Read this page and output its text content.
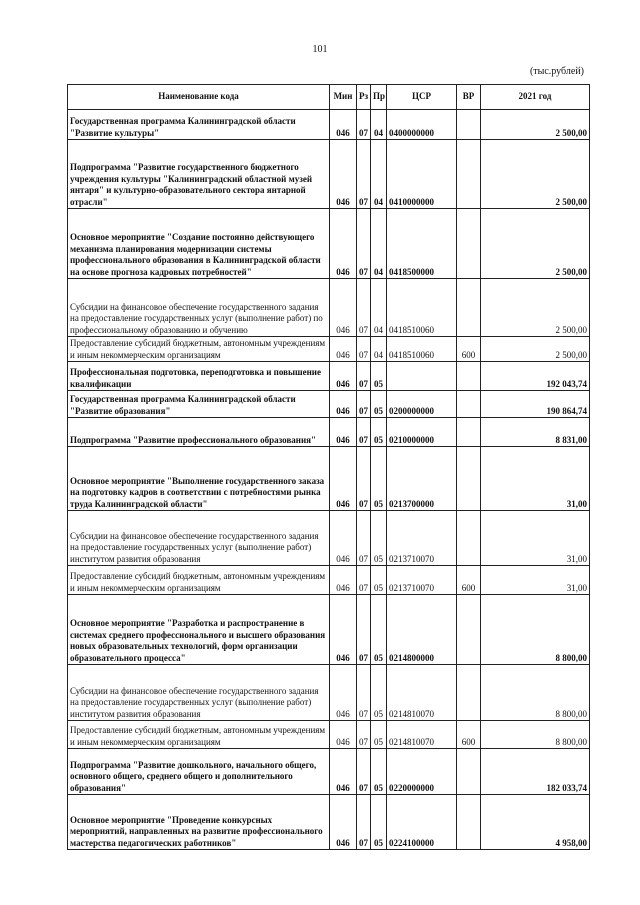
101
(тыс.рублей)
Наименование кода	Мин	Рз	Пр	ЦСР	ВР	2021 год
Государственная программа Калининградской области "Развитие культуры"	046	07	04	0400000000		2 500,00
Подпрограмма "Развитие государственного бюджетного учреждения культуры "Калининградский областной музей янтаря" и культурно-образовательного сектора янтарной отрасли"	046	07	04	0410000000		2 500,00
Основное мероприятие "Создание постоянно действующего механизма планирования модернизации системы профессионального образования в Калининградской области на основе прогноза кадровых потребностей"	046	07	04	0418500000		2 500,00
Субсидии на финансовое обеспечение государственного задания на предоставление государственных услуг (выполнение работ) по профессиональному образованию и обучению	046	07	04	0418510060		2 500,00
Предоставление субсидий бюджетным, автономным учреждениям и иным некоммерческим организациям	046	07	04	0418510060	600	2 500,00
Профессиональная подготовка, переподготовка и повышение квалификации	046	07	05			192 043,74
Государственная программа Калининградской области "Развитие образования"	046	07	05	0200000000		190 864,74
Подпрограмма "Развитие профессионального образования"	046	07	05	0210000000		8 831,00
Основное мероприятие "Выполнение государственного заказа на подготовку кадров в соответствии с потребностями рынка труда Калининградской области"	046	07	05	0213700000		31,00
Субсидии на финансовое обеспечение государственного задания на предоставление государственных услуг (выполнение работ) институтом развития образования	046	07	05	0213710070		31,00
Предоставление субсидий бюджетным, автономным учреждениям и иным некоммерческим организациям	046	07	05	0213710070	600	31,00
Основное мероприятие "Разработка и распространение в системах среднего профессионального и высшего образования новых образовательных технологий, форм организации образовательного процесса"	046	07	05	0214800000		8 800,00
Субсидии на финансовое обеспечение государственного задания на предоставление государственных услуг (выполнение работ) институтом развития образования	046	07	05	0214810070		8 800,00
Предоставление субсидий бюджетным, автономным учреждениям и иным некоммерческим организациям	046	07	05	0214810070	600	8 800,00
Подпрограмма "Развитие дошкольного, начального общего, основного общего, среднего общего и дополнительного образования"	046	07	05	0220000000		182 033,74
Основное мероприятие "Проведение конкурсных мероприятий, направленных на развитие профессионального мастерства педагогических работников"	046	07	05	0224100000		4 958,00
